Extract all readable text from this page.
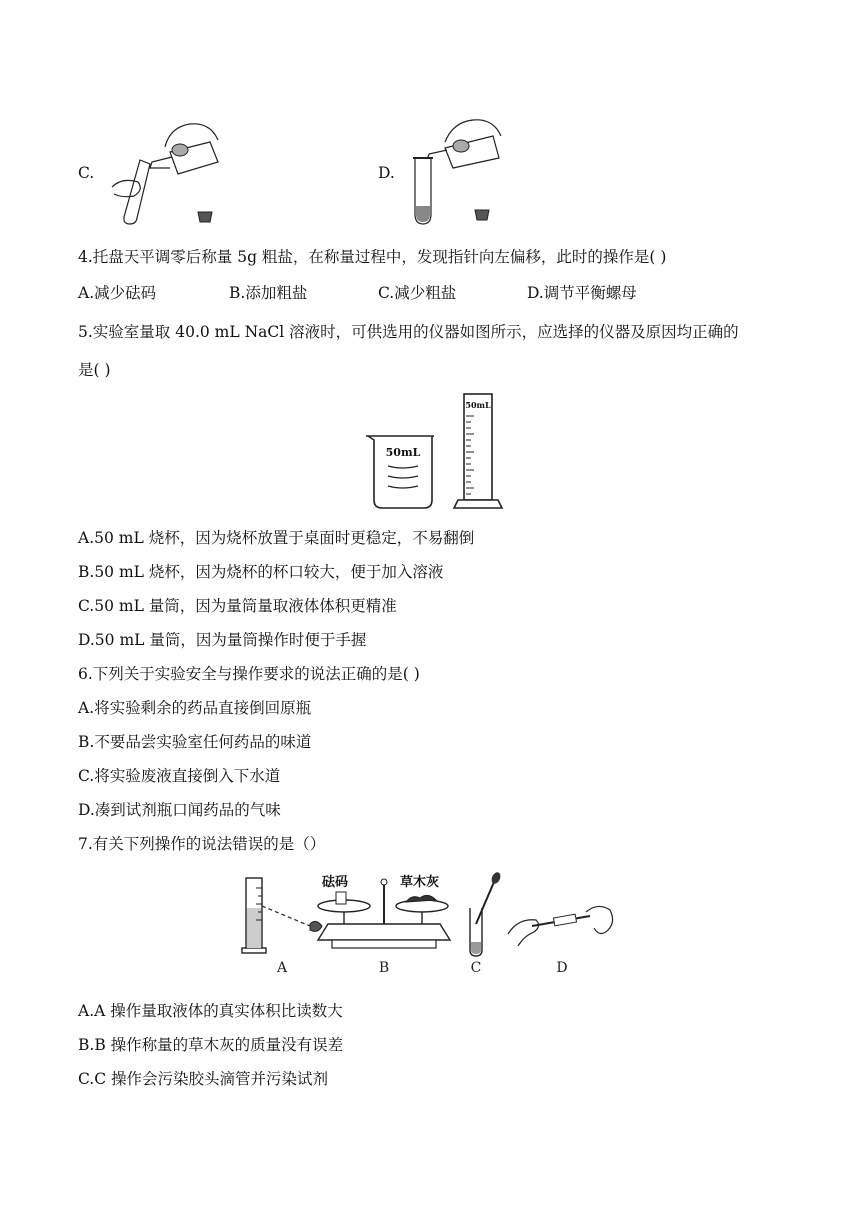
C.	D.
4.托盘天平调零后称量 5g 粗盐，在称量过程中，发现指针向左偏移，此时的操作是( )
A.减少砝码	B.添加粗盐	C.减少粗盐	D.调节平衡螺母
5.实验室量取 40.0 mL NaCl 溶液时，可供选用的仪器如图所示，应选择的仪器及原因均正确的
是( )
50mL
50mL
A.50 mL 烧杯，因为烧杯放置于桌面时更稳定，不易翻倒
B.50 mL 烧杯，因为烧杯的杯口较大，便于加入溶液
C.50 mL 量筒，因为量筒量取液体体积更精准
D.50 mL 量筒，因为量筒操作时便于手握
6.下列关于实验安全与操作要求的说法正确的是( )
A.将实验剩余的药品直接倒回原瓶
B.不要品尝实验室任何药品的味道
C.将实验废液直接倒入下水道
D.凑到试剂瓶口闻药品的气味
7.有关下列操作的说法错误的是（）
A
砝码	草木灰
B	C	D
A.A 操作量取液体的真实体积比读数大
B.B 操作称量的草木灰的质量没有误差
C.C 操作会污染胶头滴管并污染试剂
